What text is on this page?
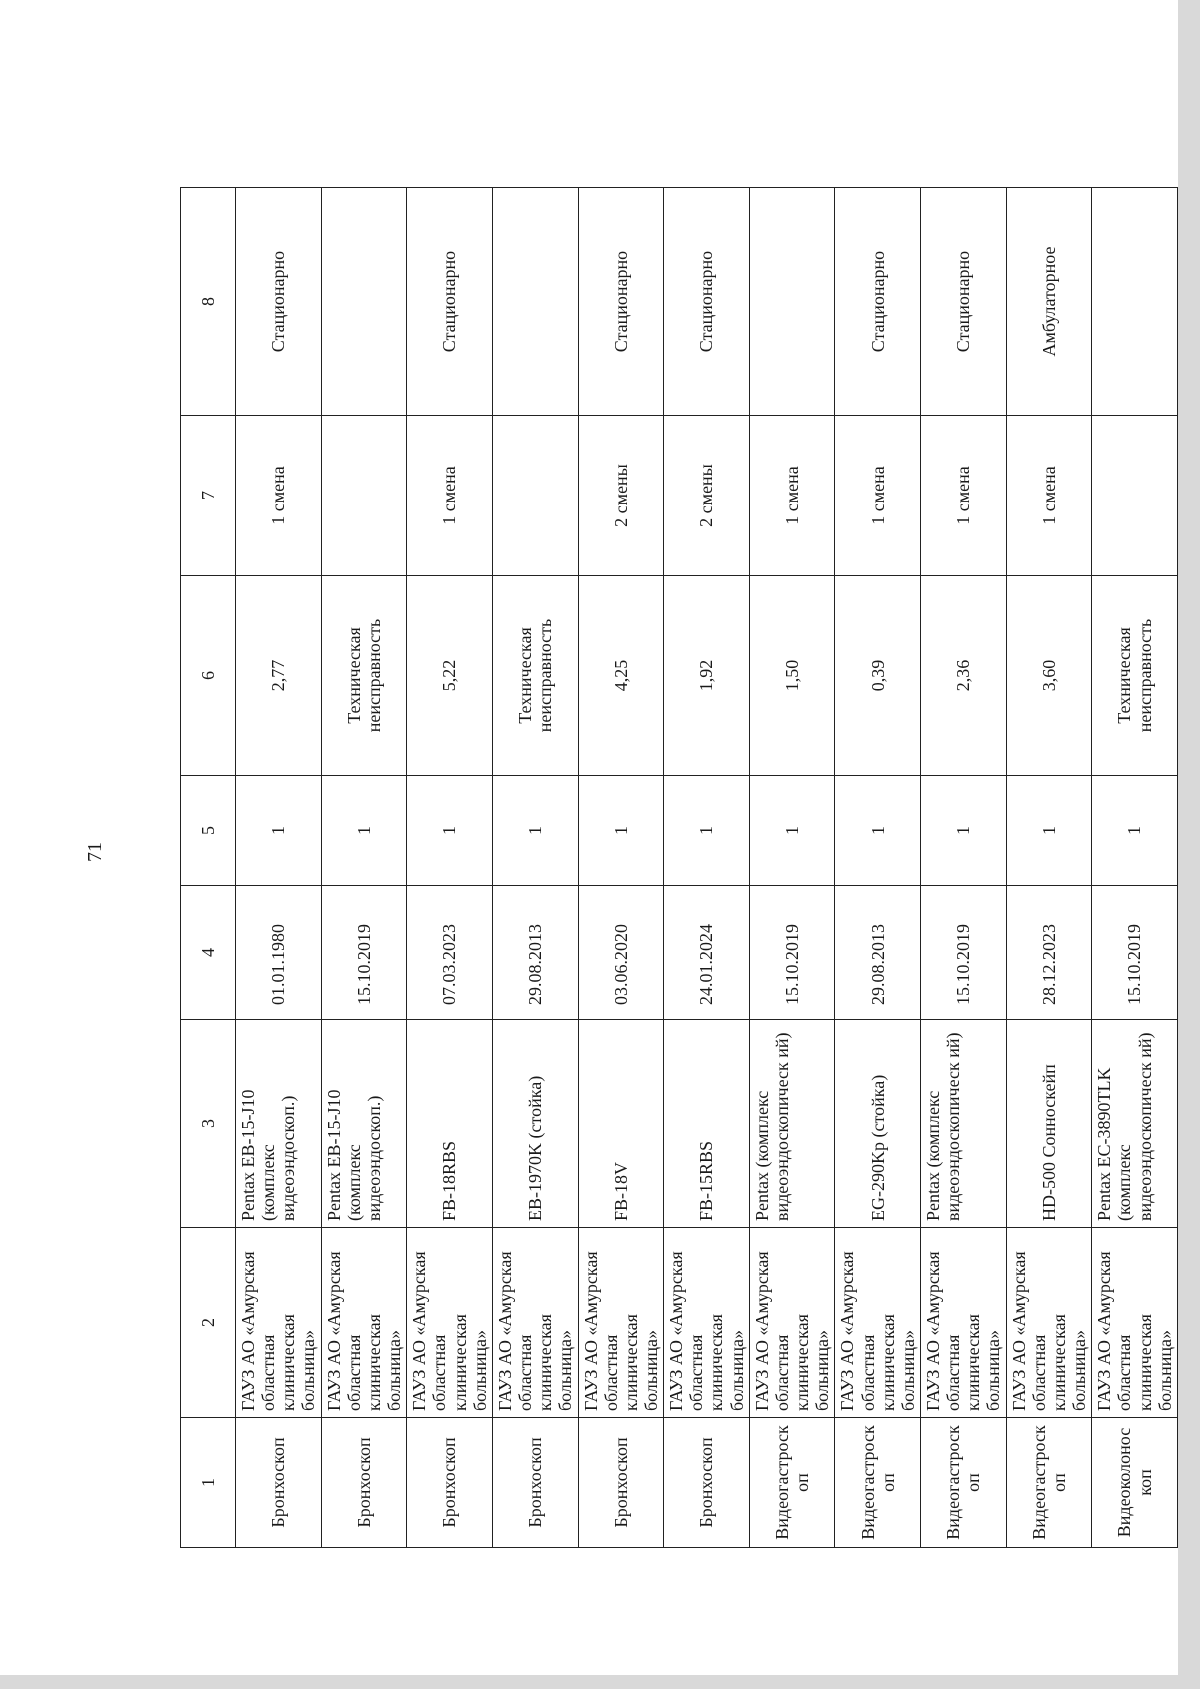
71
1	2	3	4	5	6	7	8
Бронхоскоп	ГАУЗ АО «Амурская областная клиническая больница»	Pentax EB-15-J10 (комплекс видеоэндоскоп.)	01.01.1980	1	2,77	1 смена	Стационарно
Бронхоскоп	ГАУЗ АО «Амурская областная клиническая больница»	Pentax EB-15-J10 (комплекс видеоэндоскоп.)	15.10.2019	1	Техническая неисправность		
Бронхоскоп	ГАУЗ АО «Амурская областная клиническая больница»	FB-18RBS	07.03.2023	1	5,22	1 смена	Стационарно
Бронхоскоп	ГАУЗ АО «Амурская областная клиническая больница»	EB-1970K (стойка)	29.08.2013	1	Техническая неисправность		
Бронхоскоп	ГАУЗ АО «Амурская областная клиническая больница»	FB-18V	03.06.2020	1	4,25	2 смены	Стационарно
Бронхоскоп	ГАУЗ АО «Амурская областная клиническая больница»	FB-15RBS	24.01.2024	1	1,92	2 смены	Стационарно
Видеогастроскоп	ГАУЗ АО «Амурская областная клиническая больница»	Pentax (комплекс видеоэндоскопическ ий)	15.10.2019	1	1,50	1 смена	
Видеогастроскоп	ГАУЗ АО «Амурская областная клиническая больница»	EG-290Kp (стойка)	29.08.2013	1	0,39	1 смена	Стационарно
Видеогастроскоп	ГАУЗ АО «Амурская областная клиническая больница»	Pentax (комплекс видеоэндоскопическ ий)	15.10.2019	1	2,36	1 смена	Стационарно
Видеогастроскоп	ГАУЗ АО «Амурская областная клиническая больница»	HD-500 Сонноскейп	28.12.2023	1	3,60	1 смена	Амбулаторное
Видеоколоноскоп	ГАУЗ АО «Амурская областная клиническая больница»	Pentax EC-3890TLK (комплекс видеоэндоскопическ ий)	15.10.2019	1	Техническая неисправность		
